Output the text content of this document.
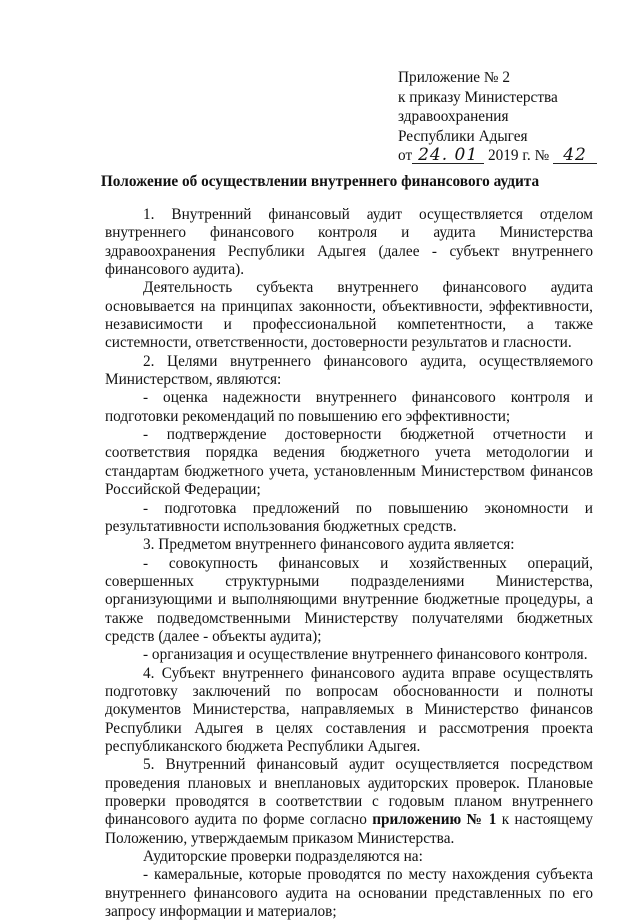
Приложение № 2
к приказу Министерства
здравоохранения
Республики Адыгея
от 24. 01 2019 г. № 42
Положение об осуществлении внутреннего финансового аудита

1. Внутренний финансовый аудит осуществляется отделом внутреннего финансового контроля и аудита Министерства здравоохранения Республики Адыгея (далее - субъект внутреннего финансового аудита).

Деятельность субъекта внутреннего финансового аудита основывается на принципах законности, объективности, эффективности, независимости и профессиональной компетентности, а также системности, ответственности, достоверности результатов и гласности.

2. Целями внутреннего финансового аудита, осуществляемого Министерством, являются:

- оценка надежности внутреннего финансового контроля и подготовки рекомендаций по повышению его эффективности;

- подтверждение достоверности бюджетной отчетности и соответствия порядка ведения бюджетного учета методологии и стандартам бюджетного учета, установленным Министерством финансов Российской Федерации;

- подготовка предложений по повышению экономности и результативности использования бюджетных средств.

3. Предметом внутреннего финансового аудита является:

- совокупность финансовых и хозяйственных операций, совершенных структурными подразделениями Министерства, организующими и выполняющими внутренние бюджетные процедуры, а также подведомственными Министерству получателями бюджетных средств (далее - объекты аудита);

- организация и осуществление внутреннего финансового контроля.

4. Субъект внутреннего финансового аудита вправе осуществлять подготовку заключений по вопросам обоснованности и полноты документов Министерства, направляемых в Министерство финансов Республики Адыгея в целях составления и рассмотрения проекта республиканского бюджета Республики Адыгея.

5. Внутренний финансовый аудит осуществляется посредством проведения плановых и внеплановых аудиторских проверок. Плановые проверки проводятся в соответствии с годовым планом внутреннего финансового аудита по форме согласно приложению № 1 к настоящему Положению, утверждаемым приказом Министерства.

Аудиторские проверки подразделяются на:

- камеральные, которые проводятся по месту нахождения субъекта внутреннего финансового аудита на основании представленных по его запросу информации и материалов;
